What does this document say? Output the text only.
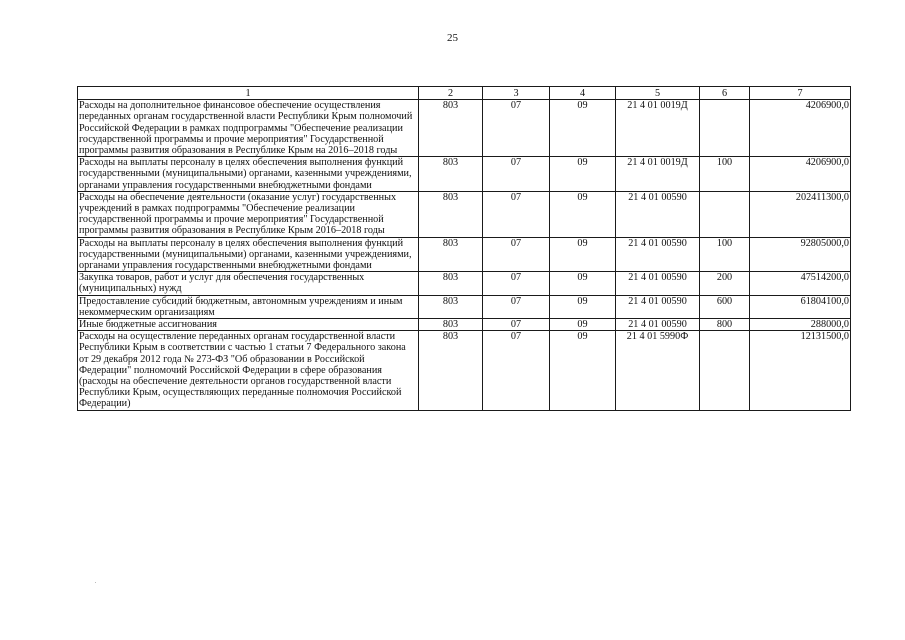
25
1	2	3	4	5	6	7
Расходы на дополнительное финансовое обеспечение осуществления переданных органам государственной власти Республики Крым полномочий Российской Федерации в рамках подпрограммы "Обеспечение реализации государственной программы и прочие мероприятия" Государственной программы развития образования в Республике Крым на 2016–2018 годы	803	07	09	21 4 01 0019Д		4206900,0
Расходы на выплаты персоналу в целях обеспечения выполнения функций государственными (муниципальными) органами, казенными учреждениями, органами управления государственными внебюджетными фондами	803	07	09	21 4 01 0019Д	100	4206900,0
Расходы на обеспечение деятельности (оказание услуг) государственных учреждений в рамках подпрограммы "Обеспечение реализации государственной программы и прочие мероприятия" Государственной программы развития образования в Республике Крым 2016–2018 годы	803	07	09	21 4 01 00590		202411300,0
Расходы на выплаты персоналу в целях обеспечения выполнения функций государственными (муниципальными) органами, казенными учреждениями, органами управления государственными внебюджетными фондами	803	07	09	21 4 01 00590	100	92805000,0
Закупка товаров, работ и услуг для обеспечения государственных (муниципальных) нужд	803	07	09	21 4 01 00590	200	47514200,0
Предоставление субсидий бюджетным, автономным учреждениям и иным некоммерческим организациям	803	07	09	21 4 01 00590	600	61804100,0
Иные бюджетные ассигнования	803	07	09	21 4 01 00590	800	288000,0
Расходы на осуществление переданных органам государственной власти Республики Крым в соответствии с частью 1 статьи 7 Федерального закона от 29 декабря 2012 года № 273-ФЗ "Об образовании в Российской Федерации" полномочий Российской Федерации в сфере образования (расходы на обеспечение деятельности органов государственной власти Республики Крым, осуществляющих переданные полномочия Российской Федерации)	803	07	09	21 4 01 5990Ф		12131500,0
